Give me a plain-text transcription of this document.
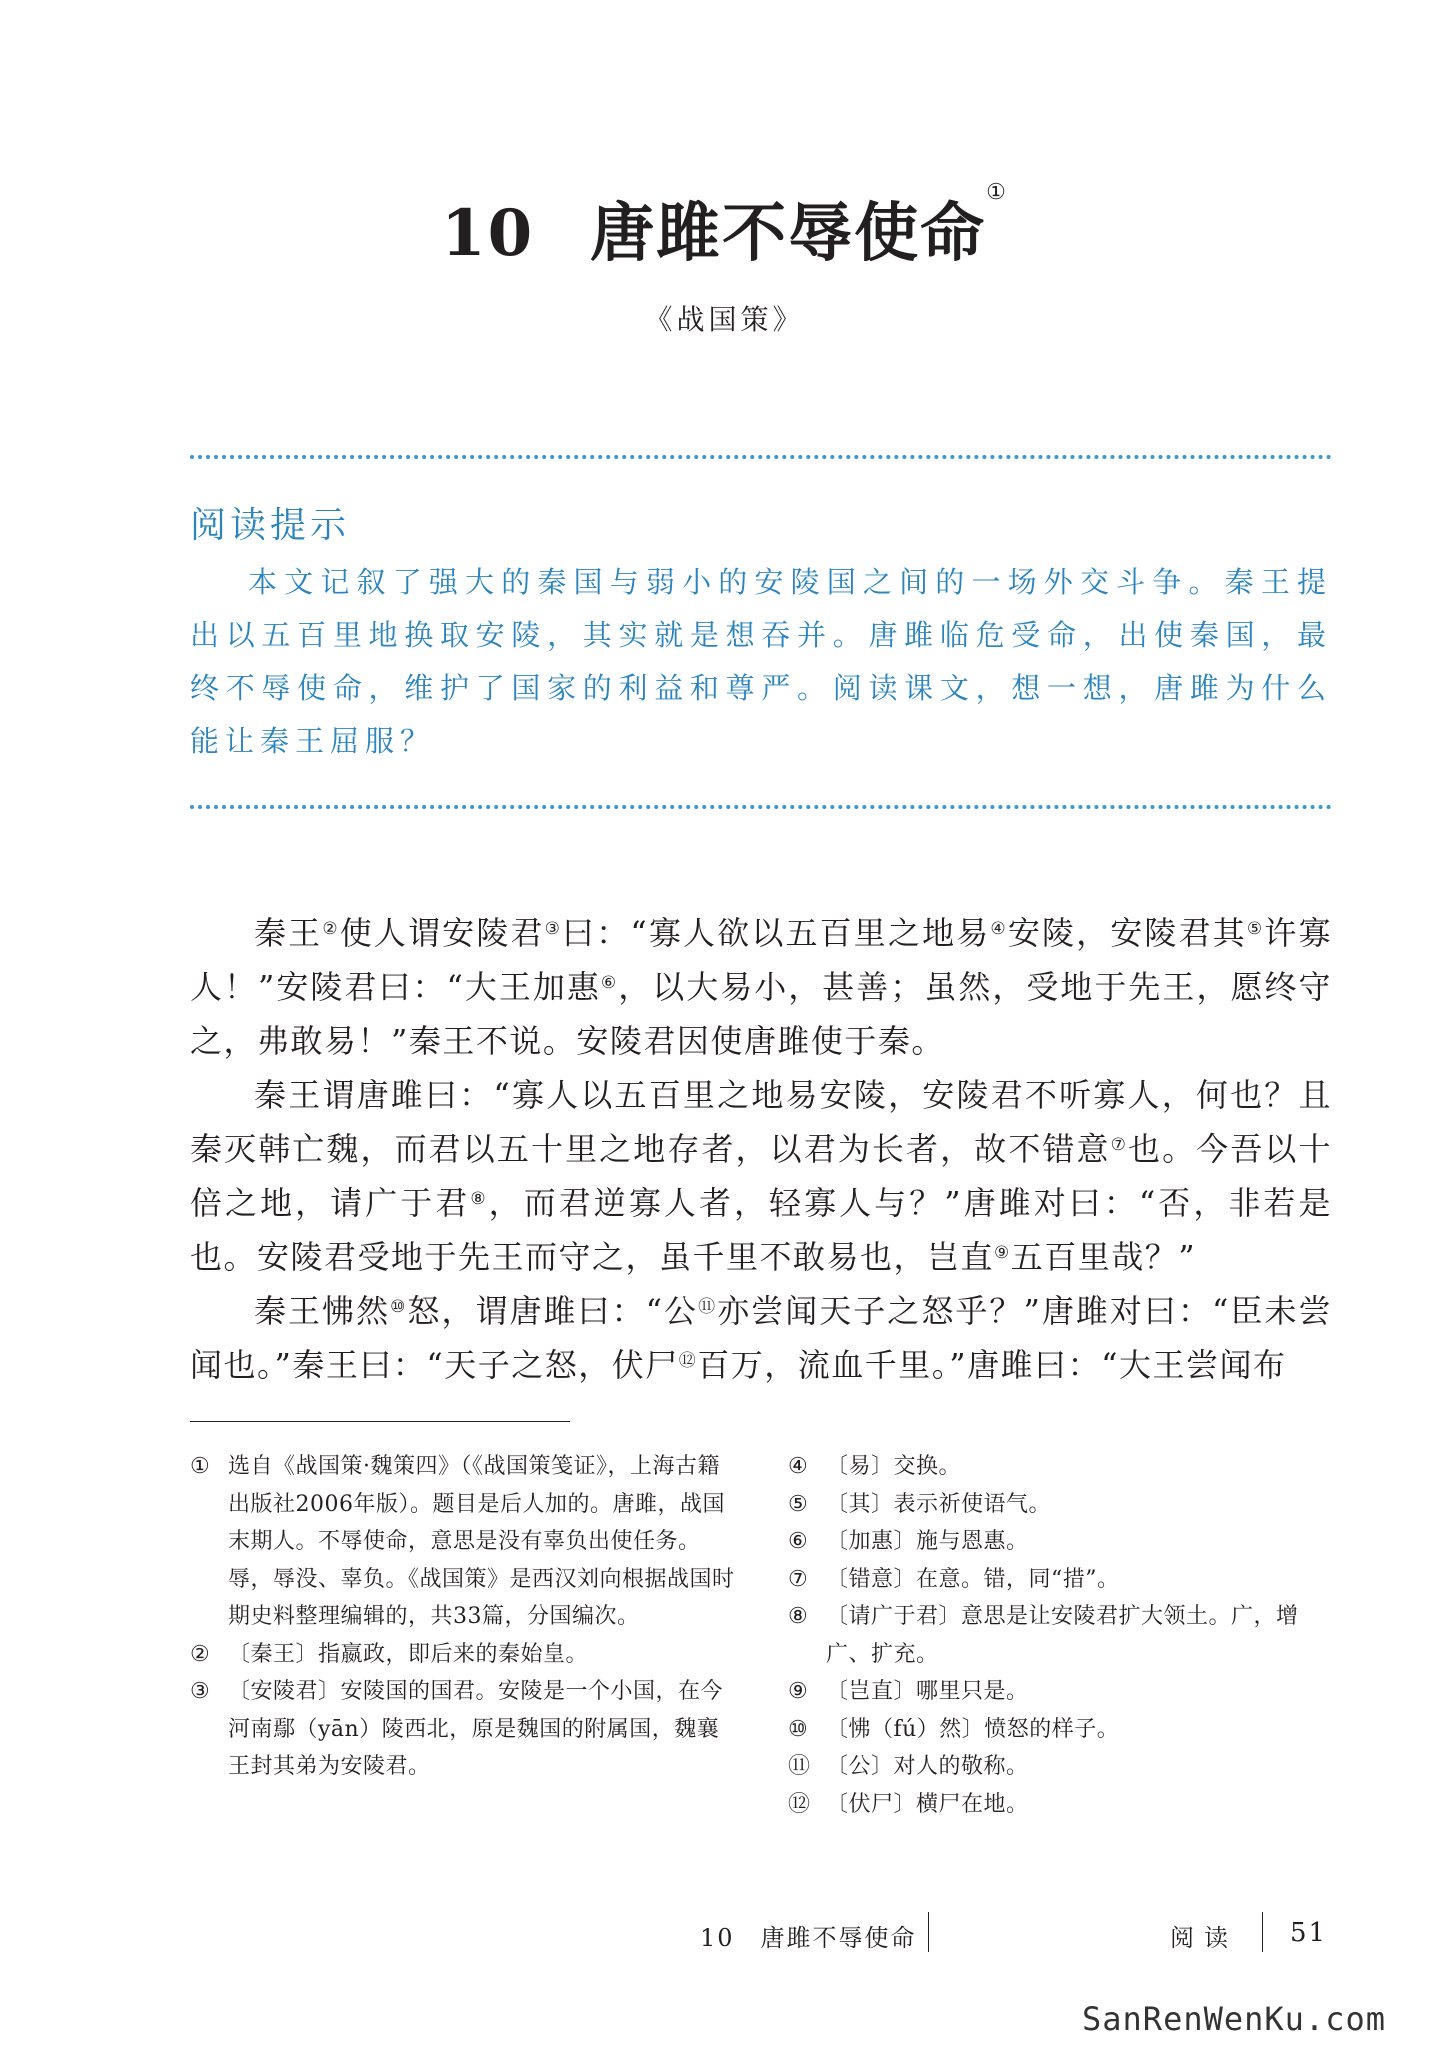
10 唐雎不辱使命①
《战国策》
阅读提示
本文记叙了强大的秦国与弱小的安陵国之间的一场外交斗争。秦王提出以五百里地换取安陵，其实就是想吞并。唐雎临危受命，出使秦国，最终不辱使命，维护了国家的利益和尊严。阅读课文，想一想，唐雎为什么能让秦王屈服？

秦王②使人谓安陵君③曰：“寡人欲以五百里之地易④安陵，安陵君其⑤许寡人！”安陵君曰：“大王加惠⑥，以大易小，甚善；虽然，受地于先王，愿终守之，弗敢易！”秦王不说。安陵君因使唐雎使于秦。

秦王谓唐雎曰：“寡人以五百里之地易安陵，安陵君不听寡人，何也？且秦灭韩亡魏，而君以五十里之地存者，以君为长者，故不错意⑦也。今吾以十倍之地，请广于君⑧，而君逆寡人者，轻寡人与？”唐雎对曰：“否，非若是也。安陵君受地于先王而守之，虽千里不敢易也，岂直⑨五百里哉？”

秦王怫然⑩怒，谓唐雎曰：“公⑪亦尝闻天子之怒乎？”唐雎对曰：“臣未尝闻也。”秦王曰：“天子之怒，伏尸⑫百万，流血千里。”唐雎曰：“大王尝闻布

① 选自《战国策·魏策四》（《战国策笺证》，上海古籍出版社2006年版）。题目是后人加的。唐雎，战国末期人。不辱使命，意思是没有辜负出使任务。辱，辱没、辜负。《战国策》是西汉刘向根据战国时期史料整理编辑的，共33篇，分国编次。

② 〔秦王〕指嬴政，即后来的秦始皇。

③ 〔安陵君〕安陵国的国君。安陵是一个小国，在今河南鄢（yān）陵西北，原是魏国的附属国，魏襄王封其弟为安陵君。

④ 〔易〕交换。

⑤ 〔其〕表示祈使语气。

⑥ 〔加惠〕施与恩惠。

⑦ 〔错意〕在意。错，同“措”。

⑧ 〔请广于君〕意思是让安陵君扩大领土。广，增广、扩充。

⑨ 〔岂直〕哪里只是。

⑩ 〔怫（fú）然〕愤怒的样子。

⑪ 〔公〕对人的敬称。

⑫ 〔伏尸〕横尸在地。

10　唐雎不辱使命	阅读 51
SanRenWenKu.com
